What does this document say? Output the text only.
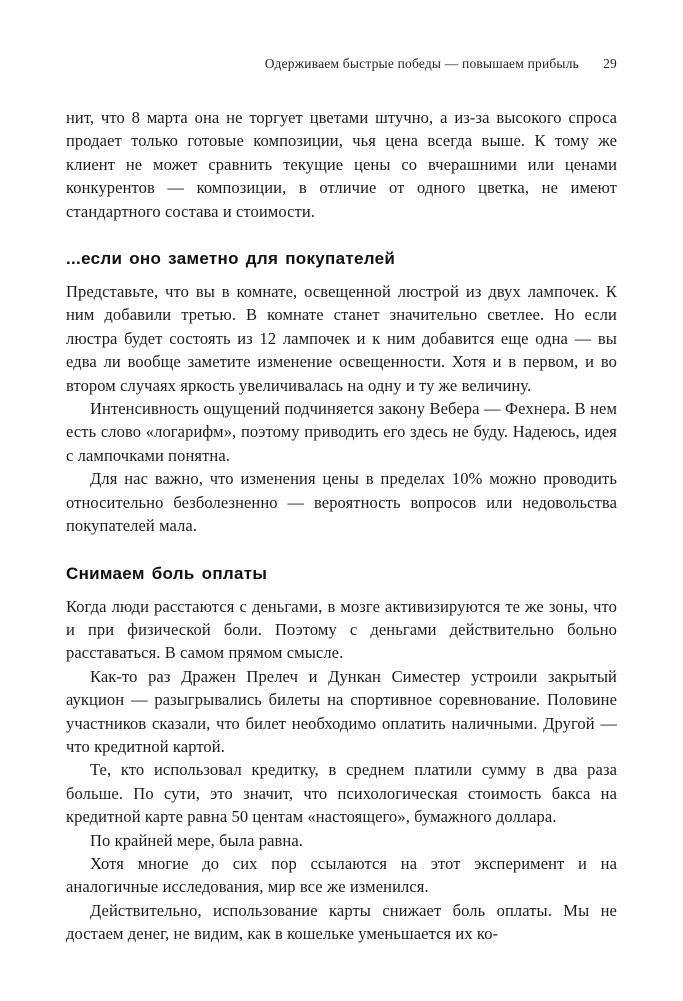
Одерживаем быстрые победы — повышаем прибыль	29

нит, что 8 марта она не торгует цветами штучно, а из-за высокого спроса продает только готовые композиции, чья цена всегда выше. К тому же клиент не может сравнить текущие цены со вчерашними или ценами конкурентов — композиции, в отличие от одного цветка, не имеют стандартного состава и стоимости.

...если оно заметно для покупателей

Представьте, что вы в комнате, освещенной люстрой из двух лампочек. К ним добавили третью. В комнате станет значительно светлее. Но если люстра будет состоять из 12 лампочек и к ним добавится еще одна — вы едва ли вообще заметите изменение освещенности. Хотя и в первом, и во втором случаях яркость увеличивалась на одну и ту же величину.

Интенсивность ощущений подчиняется закону Вебера — Фехнера. В нем есть слово «логарифм», поэтому приводить его здесь не буду. Надеюсь, идея с лампочками понятна.

Для нас важно, что изменения цены в пределах 10% можно проводить относительно безболезненно — вероятность вопросов или недовольства покупателей мала.

Снимаем боль оплаты

Когда люди расстаются с деньгами, в мозге активизируются те же зоны, что и при физической боли. Поэтому с деньгами действительно больно расставаться. В самом прямом смысле.

Как-то раз Дражен Прелеч и Дункан Симестер устроили закрытый аукцион — разыгрывались билеты на спортивное соревнование. Половине участников сказали, что билет необходимо оплатить наличными. Другой — что кредитной картой.

Те, кто использовал кредитку, в среднем платили сумму в два раза больше. По сути, это значит, что психологическая стоимость бакса на кредитной карте равна 50 центам «настоящего», бумажного доллара.

По крайней мере, была равна.

Хотя многие до сих пор ссылаются на этот эксперимент и на аналогичные исследования, мир все же изменился.

Действительно, использование карты снижает боль оплаты. Мы не достаем денег, не видим, как в кошельке уменьшается их ко-
